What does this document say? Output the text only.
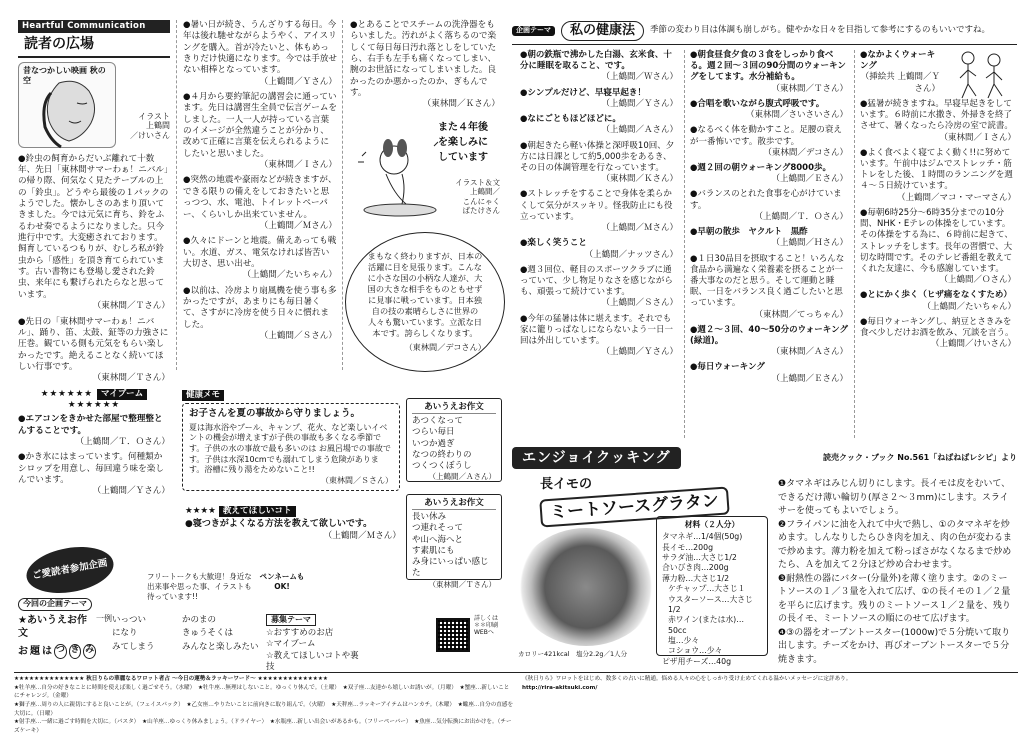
Heartful Communication
読者の広場
昔なつかしい映画 秋の空
イラスト
上鶴間
／けいさん

●鈴虫の飼育からだいぶ離れて十数年、先日「東林間サマーわぁ！ニバル」の帰り際、何気なく見たテーブルの上の「鈴虫」。どうやら最後の１パックのようでした。懐かしさのあまり頂いてきました。今では元気に育ち、鈴をふるわせ奏でるようになりました。只今進行中です。大変癒されております。飼育しているつもりが、むしろ私が鈴虫から「感性」を頂き育てられています。古い書物にも登場し愛された鈴虫、来年にも繋げられたらなと思っています。

（東林間／Ｔさん）

●先日の「東林間サマーわぁ！ニバル」、踊り、笛、太鼓、鉦等の力強さに圧巻。観ている側も元気をもらい楽しかったです。絶えることなく続いてほしい行事です。

（東林間／Ｔさん）

★★★★★★ マイブーム ★★★★★★

●エアコンをきかせた部屋で整理整とんすることです。

（上鶴間／Ｔ．Ｏさん）

●かき氷にはまっています。何種類かシロップを用意し、毎回違う味を楽しんでいます。

（上鶴間／Ｙさん）

●暑い日が続き、うんざりする毎日。今年は後れ馳せながらようやく、アイスリングを購入。首が冷たいと、体もめっきりだけ快適になります。今では手放せない相棒となっています。

（上鶴間／Ｙさん）

●４月から要約筆記の講習会に通っています。先日は講習生全員で伝言ゲームをしました。一人一人が持っている言葉のイメージが全然違うことが分かり、改めて正確に言葉を伝えられるようにしたいと思いました。

（東林間／Ｉさん）

●突然の地震や豪雨などが続きますが、できる限りの備えをしておきたいと思っつつ、水、電池、トイレットペーパー、くらいしか出来ていません。

（上鶴間／Ｍさん）

●久々にドーンと地震。備えあっても戦い。水道、ガス、電気なければ皆苦い大切さ、思い出せ。

（上鶴間／たいちゃん）

●以前は、冷房より扇風機を使う事も多かったですが、あまりにも毎日暑くて、さすがに冷房を使う日々に慣れました。

（上鶴間／Ｓさん）

●とあることでスチームの洗浄器をもらいました。汚れがよく落ちるので楽しくて毎日毎日汚れ落としをしていたら、右手も左手も痛くなってしまい、腕のお世話になってしまいました。良かったのか悪かったのか、ぎもんです。

（東林間／Ｋさん）

また４年後を楽しみにしています
イラスト＆文
上鶴間／
こんにゃく
ばたけさん

まもなく終わりますが、日本の活躍に目を見張ります。こんなに小さな国の小柄な人達が、大国の大きな相手をものともせずに見事に戦っています。日本独自の技の素晴らしさに世界の人々も驚いています。立派な日本です。誇らしくなります。

（東林間／デコさん）

健康メモ

お子さんを夏の事故から守りましょう。

夏は海水浴やプール、キャンプ、花火、など楽しいイベントの機会が増えますが子供の事故も多くなる季節です。子供の水の事故で最も多いのは お風呂場での事故です。子供は水深10cmでも溺れてしまう危険があります。浴槽に残り湯をためないこと!!

（東林間／Ｓさん）

あいうえお作文
あつくなって
つらい毎日
いつか過ぎ
なつの終わりの
つくつくぼうし
（上鶴間／Ａさん）
あいうえお作文
長い休み
つ連れそって
や山へ海へと
す素肌にも
み身にいっぱい感じた
（東林間／Ｔさん）
★★★★ 教えてほしいコト

●寝つきがよくなる方法を教えて欲しいです。

（上鶴間／Ｍさん）

ご愛読者参加企画	フリートークも大歓迎！身近な出来事や思った事、イラストも待っています!!
ペンネームもOK!
今回の企画テーマ
★あいうえお作文
お 題 は つ き み
一例 いっつい
になり
みてしまう
かのまの
きゅうそくは
みんなと楽しみたい
募集テーマ
☆おすすめのお店
☆マイブーム
☆教えてほしいコトや裏技
詳しくは＊＊印刷WEBへ
企画テーマ	私の健康法	季節の変わり目は体調も崩しがち。健やかな日々を目指して参考にするのもいいですね。

●朝の鉄瓶で沸かした白湯、玄米食、十分に睡眠を取ること、です。

（上鶴間／Ｗさん）

●シンプルだけど、早寝早起き！

（上鶴間／Ｙさん）

●なにごともほどほどに。

（上鶴間／Ａさん）

●朝起きたら軽い体操と深呼吸10回、夕方には日課として約5,000歩をあるき、その日の体調管理を行なっています。

（東林間／Ｋさん）

●ストレッチをすることで身体を柔らかくして気分がスッキリ。怪我防止にも役立っています。

（上鶴間／Ｍさん）

●楽しく笑うこと

（上鶴間／ナッツさん）

●週３回位、軽目のスポーツクラブに通っていて、少し物足りなさを感じながらも、頑張って続けています。

（上鶴間／Ｓさん）

●今年の猛暑は体に堪えます。それでも家に籠りっぱなしにならないよう一日一回は外出しています。

（上鶴間／Ｙさん）

●朝食昼食夕食の３食をしっかり食べる。週２回～３回の90分間のウォーキングをしてます。水分補給も。

（東林間／Ｔさん）

●合唱を歌いながら腹式呼吸です。

（東林間／さいさいさん）

●なるべく体を動かすこと。足腰の衰えが一番怖いです。散歩です。

（東林間／デコさん）

●週２回の朝ウォーキング8000歩。

（上鶴間／Ｅさん）

●バランスのとれた食事を心がけています。

（上鶴間／Ｔ．Ｏさん）

●早朝の散歩　ヤクルト　黒酢

（上鶴間／Ｈさん）

●１日30品目を摂取すること！いろんな食品から満遍なく栄養素を摂ることが一番大事なのだと思う。そして運動と睡眠、一日をバランス良く過ごしたいと思っています。

（東林間／てっちゃん）

●週２～３回、40～50分のウォーキング(緑道)。

（東林間／Ａさん）

●毎日ウォーキング

（上鶴間／Ｅさん）

●なかよくウォーキング

（挿絵共 上鶴間／Ｙさん）

●猛暑が続きますね。早寝早起きをしています。６時前に水撒き、外掃きを終了させて、暑くなったら冷房の室で読書。

（東林間／Ｉさん）

●よく食べよく寝てよく動く!!に努めています。午前中はジムでストレッチ・筋トレをした後、１時間のランニングを週４～５日続けています。

（上鶴間／マコ・マーマさん）

●毎朝6時25分～6時35分までの10分間、NHK・Eテレの体操をしています。その体操をする為に、６時前に起きて、ストレッチをします。長年の習慣で、大切な時間です。そのテレビ番組を教えてくれた友達に、今も感謝しています。

（上鶴間／Ｏさん）

●とにかく歩く（ヒザ痛をなくすため）

（上鶴間／たいちゃん）

●毎日ウォーキングし、納豆とさきみを食べ少しだけお酒を飲み、冗談を言う。

（上鶴間／けいさん）

エンジョイクッキング	読売クック・ブック No.561「ねばねばレシピ」より
長イモの
ミートソースグラタン
カロリー421kcal　塩分2.2g／1人分
材料（２人分）
タマネギ…1/4個(50g)
長イモ…200g
サラダ油…大さじ1/2
合いびき肉…200g
薄力粉…大さじ1/2
ケチャップ…大さじ１
ウスターソース…大さじ1/2
赤ワイン(または水)…50cc
塩…少々
コショウ…少々
ピザ用チーズ…40g

❶タマネギはみじん切りにします。長イモは皮をむいて、できるだけ薄い輪切り(厚さ２～３mm)にします。スライサーを使ってもよいでしょう。

❷フライパンに油を入れて中火で熱し、①のタマネギを炒めます。しんなりしたらひき肉を加え、肉の色が変わるまで炒めます。薄力粉を加えて粉っぽさがなくなるまで炒めたら、Ａを加えて２分ほど炒め合わせます。

❸耐熱性の器にバター(分量外)を薄く塗ります。②のミートソースの１／３量を入れて広げ、①の長イモの１／２量を平らに広げます。残りのミートソース１／２量を、残りの長イモ、ミートソースの順にのせて広げます。

❹③の器をオーブントースター(1000w)で５分焼いて取り出します。チーズをかけ、再びオーブントースターで５分焼きます。

★★★★★★★★★★★★★★ 秋日りらの華麗なるワロット者占 ～今日の運勢＆ラッキーワード～ ★★★★★★★★★★★★★★
★牡羊座…自分の好きなことに時間を使えば楽しく過ごせそう。（水曜）　★牡牛座…無理はしないこと。ゆっくり休んで。（土曜）　★双子座…友達から嬉しいお誘いが。（月曜）　★蟹座…新しいことにチャレンジ。（金曜）
★獅子座…周りの人に親切にすると良いことが。（フェイスパック）　★乙女座…やりたいことに前向きに取り組んで。（火曜）　★天秤座…ラッキーアイテムはハンカチ。（木曜）　★蠍座…自分の直感を大切に。（日曜）
★射手座…一緒に過ごす時間を大切に。（パスタ）　★山羊座…ゆっくり休みましょう。（ドライヤー）　★水瓶座…新しい出会いがあるかも。（フリーペーパー）　★魚座…気分転換にお出かけを。（チーズケーキ）
《秋日りら》ワロットをはじめ、数多くの占いに精通。悩める人々の心をしっかり受け止めてくれる温かいメッセージに定評あり。
http://rira-akitsuki.com/
